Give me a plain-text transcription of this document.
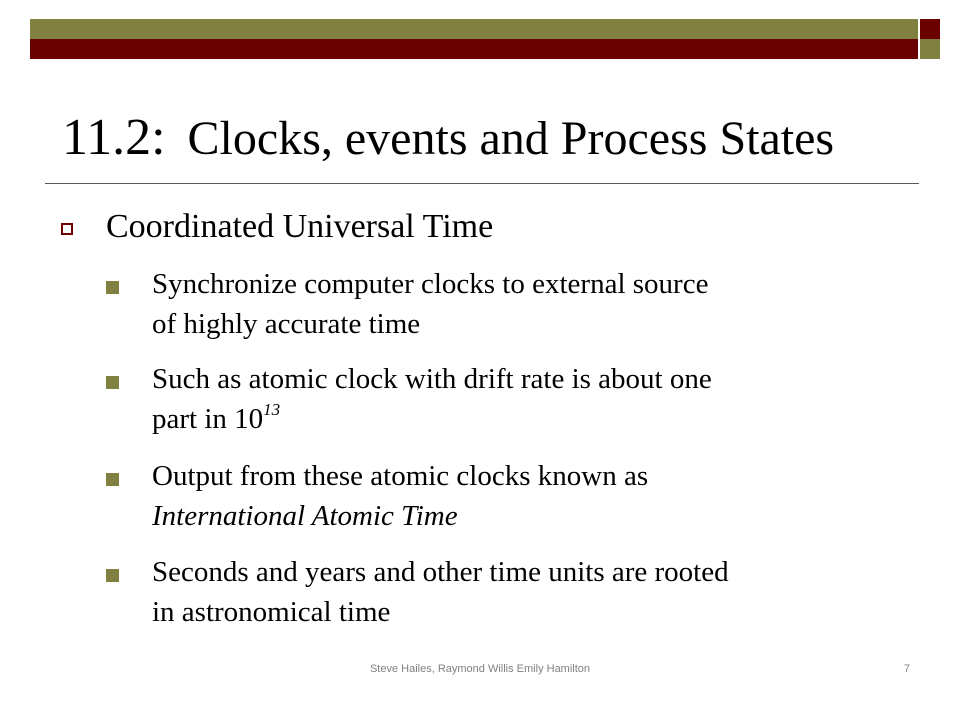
11.2: Clocks, events and Process States
Coordinated Universal Time
Synchronize computer clocks to external source
of highly accurate time
Such as atomic clock with drift rate is about one
part in $10^{13}$
Output from these atomic clocks known as
International Atomic Time
Seconds and years and other time units are rooted
in astronomical time
Steve Hailes, Raymond Willis Emily Hamilton	7
